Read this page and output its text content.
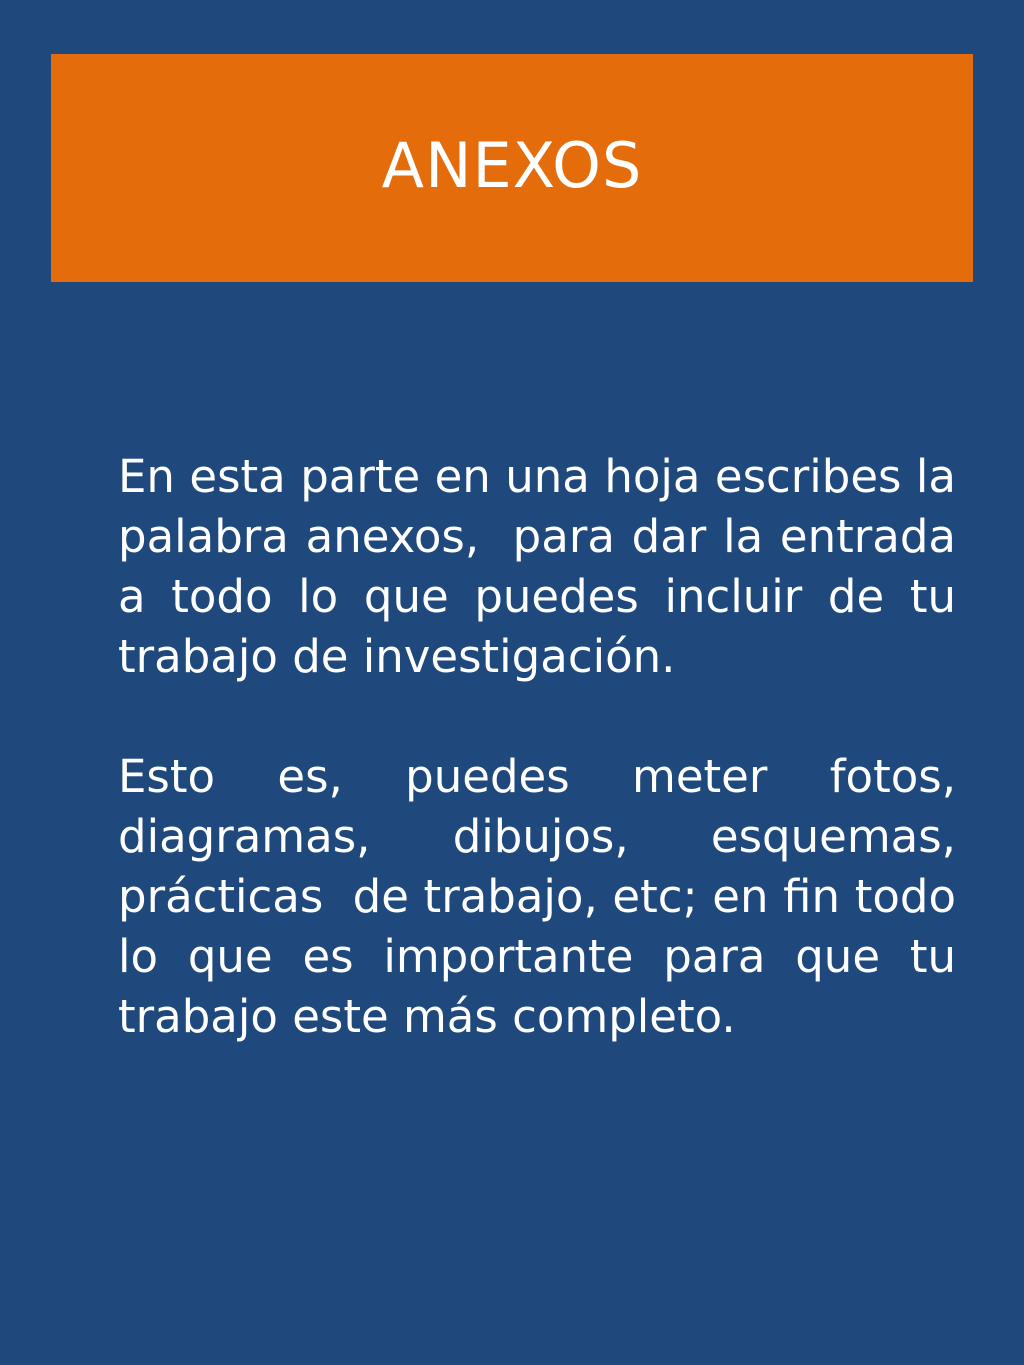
ANEXOS

En esta parte en una hoja escribes la palabra anexos,  para dar la entrada a todo lo que puedes incluir de tu trabajo de investigación.

Esto es, puedes meter fotos, diagramas, dibujos, esquemas, prácticas  de trabajo, etc; en fin todo lo que es importante para que tu trabajo este más completo.
